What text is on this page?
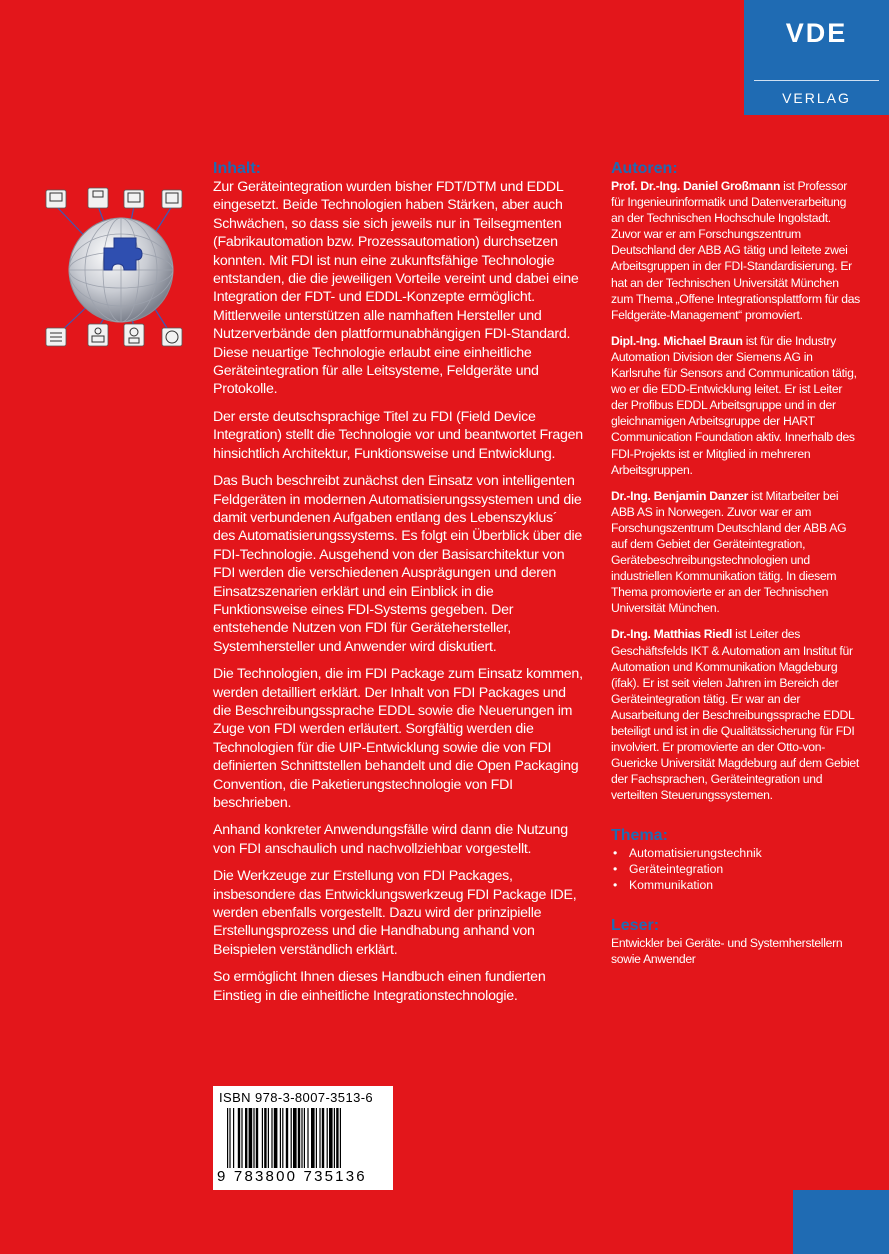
VDE
VERLAG
Inhalt:

Zur Geräteintegration wurden bisher FDT/DTM und EDDL eingesetzt. Beide Technologien haben Stärken, aber auch Schwächen, so dass sie sich jeweils nur in Teilsegmenten (Fabrikautomation bzw. Prozessautomation) durchsetzen konnten. Mit FDI ist nun eine zukunftsfähige Technologie entstanden, die die jeweiligen Vorteile vereint und dabei eine Integration der FDT- und EDDL-Konzepte ermöglicht. Mittlerweile unterstützen alle namhaften Hersteller und Nutzerverbände den plattformunabhängigen FDI-Standard. Diese neuartige Technologie erlaubt eine einheitliche Geräteintegration für alle Leitsysteme, Feldgeräte und Protokolle.

Der erste deutschsprachige Titel zu FDI (Field Device Integration) stellt die Technologie vor und beantwortet Fragen hinsichtlich Architektur, Funktionsweise und Entwicklung.

Das Buch beschreibt zunächst den Einsatz von intelligenten Feldgeräten in modernen Automatisierungssystemen und die damit verbundenen Aufgaben entlang des Lebenszyklus´ des Automatisierungssystems. Es folgt ein Überblick über die FDI-Technologie. Ausgehend von der Basisarchitektur von FDI werden die verschiedenen Ausprägungen und deren Einsatzszenarien erklärt und ein Einblick in die Funktionsweise eines FDI-Systems gegeben. Der entstehende Nutzen von FDI für Gerätehersteller, Systemhersteller und Anwender wird diskutiert.

Die Technologien, die im FDI Package zum Einsatz kommen, werden detailliert erklärt. Der Inhalt von FDI Packages und die Beschreibungssprache EDDL sowie die Neuerungen im Zuge von FDI werden erläutert. Sorgfältig werden die Technologien für die UIP-Entwicklung sowie die von FDI definierten Schnittstellen behandelt und die Open Packaging Convention, die Paketierungstechnologie von FDI beschrieben.

Anhand konkreter Anwendungsfälle wird dann die Nutzung von FDI anschaulich und nachvollziehbar vorgestellt.

Die Werkzeuge zur Erstellung von FDI Packages, insbesondere das Entwicklungswerkzeug FDI Package IDE, werden ebenfalls vorgestellt. Dazu wird der prinzipielle Erstellungsprozess und die Handhabung anhand von Beispielen verständlich erklärt.

So ermöglicht Ihnen dieses Handbuch einen fundierten Einstieg in die einheitliche Integrationstechnologie.

Autoren:

Prof. Dr.-Ing. Daniel Großmann ist Professor für Ingenieurinformatik und Datenverarbeitung an der Technischen Hochschule Ingolstadt. Zuvor war er am Forschungszentrum Deutschland der ABB AG tätig und leitete zwei Arbeitsgruppen in der FDI-Standardisierung. Er hat an der Technischen Universität München zum Thema „Offene Integrationsplattform für das Feldgeräte-Management“ promoviert.

Dipl.-Ing. Michael Braun ist für die Industry Automation Division der Siemens AG in Karlsruhe für Sensors and Communication tätig, wo er die EDD-Entwicklung leitet. Er ist Leiter der Profibus EDDL Arbeitsgruppe und in der gleichnamigen Arbeitsgruppe der HART Communication Foundation aktiv. Innerhalb des FDI-Projekts ist er Mitglied in mehreren Arbeitsgruppen.

Dr.-Ing. Benjamin Danzer ist Mitarbeiter bei ABB AS in Norwegen. Zuvor war er am Forschungszentrum Deutschland der ABB AG auf dem Gebiet der Geräteintegration, Gerätebeschreibungstechnologien und industriellen Kommunikation tätig. In diesem Thema promovierte er an der Technischen Universität München.

Dr.-Ing. Matthias Riedl ist Leiter des Geschäftsfelds IKT & Automation am Institut für Automation und Kommunikation Magdeburg (ifak). Er ist seit vielen Jahren im Bereich der Geräteintegration tätig. Er war an der Ausarbeitung der Beschreibungssprache EDDL beteiligt und ist in die Qualitätssicherung für FDI involviert. Er promovierte an der Otto-von-Guericke Universität Magdeburg auf dem Gebiet der Fachsprachen, Geräteintegration und verteilten Steuerungssystemen.

Thema:
• Automatisierungstechnik
• Geräteintegration
• Kommunikation
Leser:

Entwickler bei Geräte- und Systemherstellern sowie Anwender

ISBN 978-3-8007-3513-6
9 783800 735136
